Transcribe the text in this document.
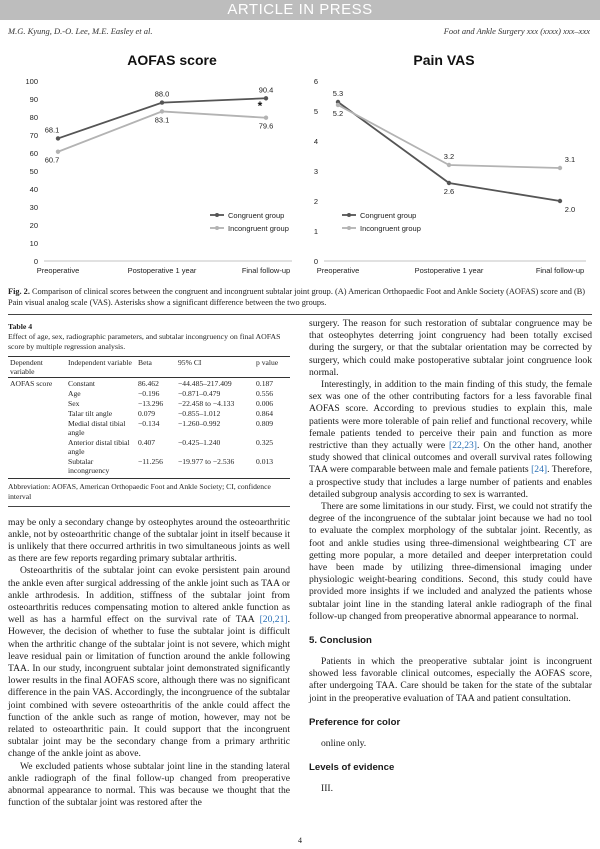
ARTICLE IN PRESS
M.G. Kyung, D.-O. Lee, M.E. Easley et al.	Foot and Ankle Surgery xxx (xxxx) xxx–xxx
AOFAS score
0
10
20
30
40
50
60
70
80
90
100
Preoperative	Postoperative 1 year	Final follow-up
68.1
88.0	90.4
60.7
83.1
79.6
*
Congruent group
Incongruent group
Pain VAS
0
1
2
3
4
5
6
Preoperative	Postoperative 1 year	Final follow-up
5.3
2.6
2.0
5.2
3.2	3.1
Congruent group
Incongruent group
Fig. 2. Comparison of clinical scores between the congruent and incongruent subtalar joint group. (A) American Orthopaedic Foot and Ankle Society (AOFAS) score and (B) Pain visual analog scale (VAS). Asterisks show a significant difference between the two groups.
Table 4
Effect of age, sex, radiographic parameters, and subtalar incongruency on final AOFAS score by multiple regression analysis.
Dependent variable	Independent variable	Beta	95% CI	p value
AOFAS score	Constant	86.462	−44.485–217.409	0.187
	Age	−0.196	−0.871–0.479	0.556
	Sex	−13.296	−22.458 to −4.133	0.006
	Talar tilt angle	0.079	−0.855–1.012	0.864
	Medial distal tibial angle	−0.134	−1.260–0.992	0.809
	Anterior distal tibial angle	0.407	−0.425–1.240	0.325
	Subtalar incongruency	−11.256	−19.977 to −2.536	0.013
Abbreviation: AOFAS, American Orthopaedic Foot and Ankle Society; CI, confidence interval

may be only a secondary change by osteophytes around the osteoarthritic ankle, not by osteoarthritic change of the subtalar joint in itself because it is unlikely that there occurred arthritis in two simultaneous joints as well as there are few reports regarding primary subtalar arthritis.

Osteoarthritis of the subtalar joint can evoke persistent pain around the ankle even after surgical addressing of the ankle joint such as TAA or ankle arthrodesis. In addition, stiffness of the subtalar joint from osteoarthritis reduces compensating motion to altered ankle function as well as has a harmful effect on the survival rate of TAA [20,21]. However, the decision of whether to fuse the subtalar joint is difficult when the arthritic change of the subtalar joint is not severe, which might leave residual pain or limitation of function around the ankle following TAA. In our study, incongruent subtalar joint demonstrated significantly lower results in the final AOFAS score, although there was no significant difference in the pain VAS. Accordingly, the incongruence of the subtalar joint combined with severe osteoarthritis of the ankle could affect the function of the ankle such as range of motion, however, may not be related to osteoarthritic pain. It could support that the incongruent subtalar joint may be the secondary change from a primary arthritic change of the ankle joint as above.

We excluded patients whose subtalar joint line in the standing lateral ankle radiograph of the final follow-up changed from preoperative abnormal appearance to normal. This was because we thought that the function of the subtalar joint was restored after the

surgery. The reason for such restoration of subtalar congruence may be that osteophytes deterring joint congruency had been totally excised during the surgery, or that the subtalar orientation may be corrected by surgery, which could make postoperative subtalar joint congruence look normal.

Interestingly, in addition to the main finding of this study, the female sex was one of the other contributing factors for a less favorable final AOFAS score. According to previous studies to explain this, male patients were more tolerable of pain relief and functional recovery, while female patients tended to perceive their pain and function as more restrictive than they actually were [22,23]. On the other hand, another study showed that clinical outcomes and overall survival rates following TAA were comparable between male and female patients [24]. Therefore, a prospective study that includes a large number of patients and enables detailed subgroup analysis according to sex is warranted.

There are some limitations in our study. First, we could not stratify the degree of the incongruence of the subtalar joint because we had no tool to evaluate the complex morphology of the subtalar joint. Recently, as foot and ankle studies using three-dimensional weightbearing CT are getting more popular, a more detailed and deeper interpretation could have been made by utilizing three-dimensional imaging under physiologic weight-bearing conditions. Second, this study could have provided more insights if we included and analyzed the patients whose subtalar joint line in the standing lateral ankle radiograph of the final follow-up changed from preoperative abnormal appearance to normal.

5. Conclusion

Patients in which the preoperative subtalar joint is incongruent showed less favorable clinical outcomes, especially the AOFAS score, after undergoing TAA. Care should be taken for the state of the subtalar joint in the preoperative evaluation of TAA and patient consultation.

Preference for color

online only.

Levels of evidence

III.

4
